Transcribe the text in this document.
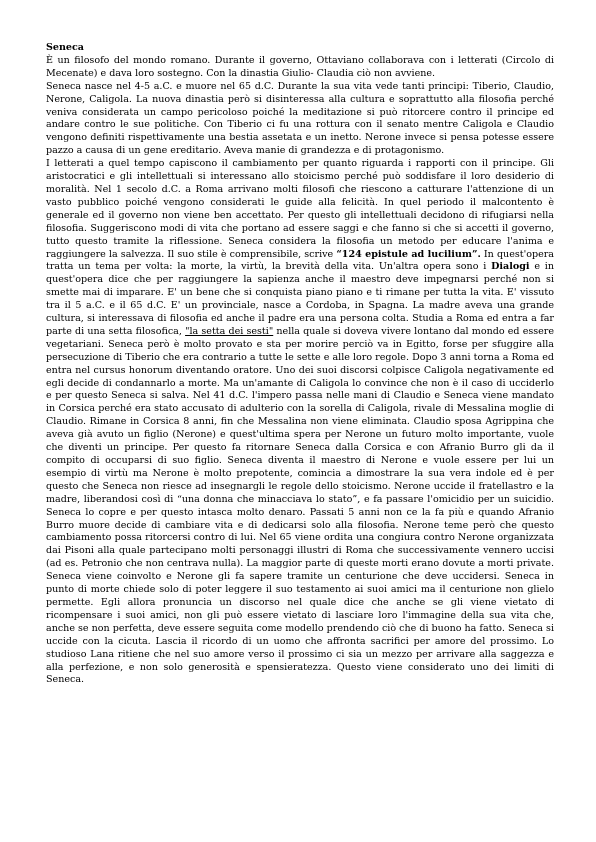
Seneca

È un filosofo del mondo romano. Durante il governo, Ottaviano collaborava con i letterati (Circolo di Mecenate) e dava loro sostegno. Con la dinastia Giulio- Claudia ciò non avviene.

Seneca nasce nel 4-5 a.C. e muore nel 65 d.C. Durante la sua vita vede tanti principi: Tiberio, Claudio, Nerone, Caligola. La nuova dinastia però si disinteressa alla cultura e soprattutto alla filosofia perché veniva considerata un campo pericoloso poiché la meditazione si può ritorcere contro il principe ed andare contro le sue politiche. Con Tiberio ci fu una rottura con il senato mentre Caligola e Claudio vengono definiti rispettivamente una bestia assetata e un inetto. Nerone invece si pensa potesse essere pazzo a causa di un gene ereditario. Aveva manie di grandezza e di protagonismo.

I letterati a quel tempo capiscono il cambiamento per quanto riguarda i rapporti con il principe. Gli aristocratici e gli intellettuali si interessano allo stoicismo perché può soddisfare il loro desiderio di moralità. Nel 1 secolo d.C. a Roma arrivano molti filosofi che riescono a catturare l'attenzione di un vasto pubblico poiché vengono considerati le guide alla felicità. In quel periodo il malcontento è generale ed il governo non viene ben accettato. Per questo gli intellettuali decidono di rifugiarsi nella filosofia. Suggeriscono modi di vita che portano ad essere saggi e che fanno si che si accetti il governo, tutto questo tramite la riflessione. Seneca considera la filosofia un metodo per educare l'anima e raggiungere la salvezza. Il suo stile è comprensibile, scrive “124 epistule ad lucilium”. In quest'opera tratta un tema per volta: la morte, la virtù, la brevità della vita. Un'altra opera sono i Dialogi e in quest'opera dice che per raggiungere la sapienza anche il maestro deve impegnarsi perché non si smette mai di imparare. E' un bene che si conquista piano piano e ti rimane per tutta la vita. E' vissuto tra il 5 a.C. e il 65 d.C. E' un provinciale, nasce a Cordoba, in Spagna. La madre aveva una grande cultura, si interessava di filosofia ed anche il padre era una persona colta. Studia a Roma ed entra a far parte di una setta filosofica, "la setta dei sesti" nella quale si doveva vivere lontano dal mondo ed essere vegetariani. Seneca però è molto provato e sta per morire perciò va in Egitto, forse per sfuggire alla persecuzione di Tiberio che era contrario a tutte le sette e alle loro regole. Dopo 3 anni torna a Roma ed entra nel cursus honorum diventando oratore. Uno dei suoi discorsi colpisce Caligola negativamente ed egli decide di condannarlo a morte. Ma un'amante di Caligola lo convince che non è il caso di ucciderlo e per questo Seneca si salva. Nel 41 d.C. l'impero passa nelle mani di Claudio e Seneca viene mandato in Corsica perché era stato accusato di adulterio con la sorella di Caligola, rivale di Messalina moglie di Claudio. Rimane in Corsica 8 anni, fin che Messalina non viene eliminata. Claudio sposa Agrippina che aveva già avuto un figlio (Nerone) e quest'ultima spera per Nerone un futuro molto importante, vuole che diventi un principe. Per questo fa ritornare Seneca dalla Corsica e con Afranio Burro gli da il compito di occuparsi di suo figlio. Seneca diventa il maestro di Nerone e vuole essere per lui un esempio di virtù ma Nerone è molto prepotente, comincia a dimostrare la sua vera indole ed è per questo che Seneca non riesce ad insegnargli le regole dello stoicismo. Nerone uccide il fratellastro e la madre, liberandosi così di “una donna che minacciava lo stato”, e fa passare l'omicidio per un suicidio. Seneca lo copre e per questo intasca molto denaro. Passati 5 anni non ce la fa più e quando Afranio Burro muore decide di cambiare vita e di dedicarsi solo alla filosofia. Nerone teme però che questo cambiamento possa ritorcersi contro di lui. Nel 65 viene ordita una congiura contro Nerone organizzata dai Pisoni alla quale partecipano molti personaggi illustri di Roma che successivamente vennero uccisi (ad es. Petronio che non centrava nulla). La maggior parte di queste morti erano dovute a morti private. Seneca viene coinvolto e Nerone gli fa sapere tramite un centurione che deve uccidersi. Seneca in punto di morte chiede solo di poter leggere il suo testamento ai suoi amici ma il centurione non glielo permette. Egli allora pronuncia un discorso nel quale dice che anche se gli viene vietato di ricompensare i suoi amici, non gli può essere vietato di lasciare loro l'immagine della sua vita che, anche se non perfetta, deve essere seguita come modello prendendo ciò che di buono ha fatto. Seneca si uccide con la cicuta. Lascia il ricordo di un uomo che affronta sacrifici per amore del prossimo. Lo studioso Lana ritiene che nel suo amore verso il prossimo ci sia un mezzo per arrivare alla saggezza e alla perfezione, e non solo generosità e spensieratezza. Questo viene considerato uno dei limiti di Seneca.
